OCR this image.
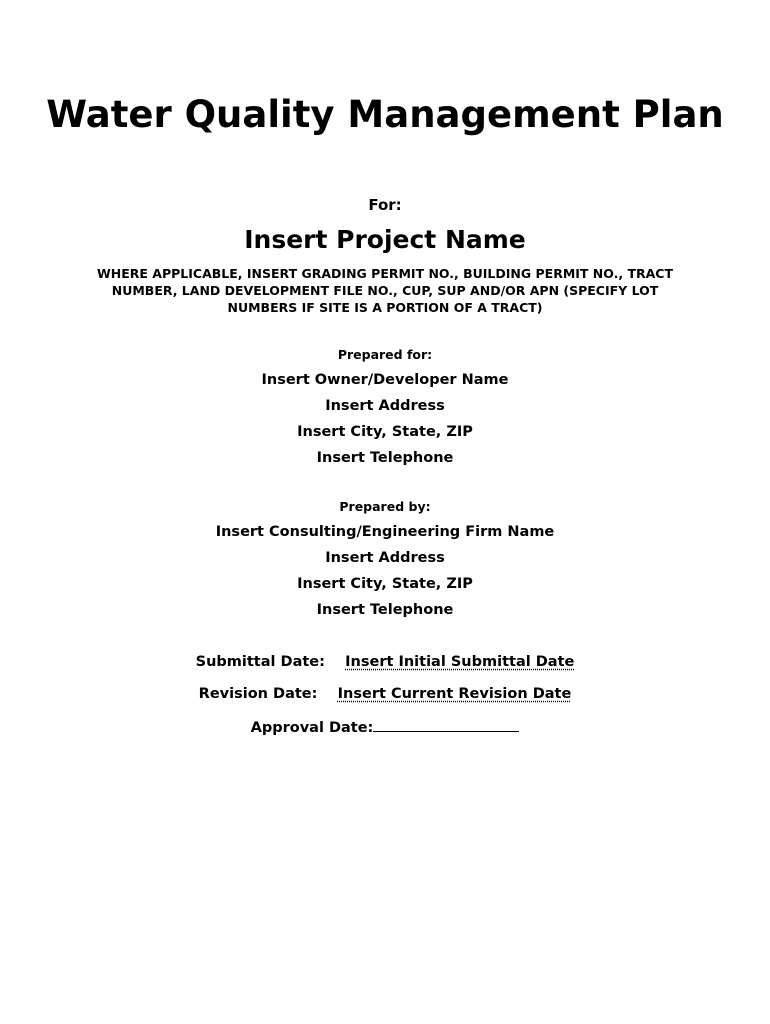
Water Quality Management Plan
For:
Insert Project Name
WHERE APPLICABLE, INSERT GRADING PERMIT NO., BUILDING PERMIT NO., TRACT NUMBER, LAND DEVELOPMENT FILE NO., CUP, SUP AND/OR APN (SPECIFY LOT NUMBERS IF SITE IS A PORTION OF A TRACT)
Prepared for:
Insert Owner/Developer Name
Insert Address
Insert City, State, ZIP
Insert Telephone
Prepared by:
Insert Consulting/Engineering Firm Name
Insert Address
Insert City, State, ZIP
Insert Telephone
Submittal Date: Insert Initial Submittal Date
Revision Date: Insert Current Revision Date
Approval Date:
